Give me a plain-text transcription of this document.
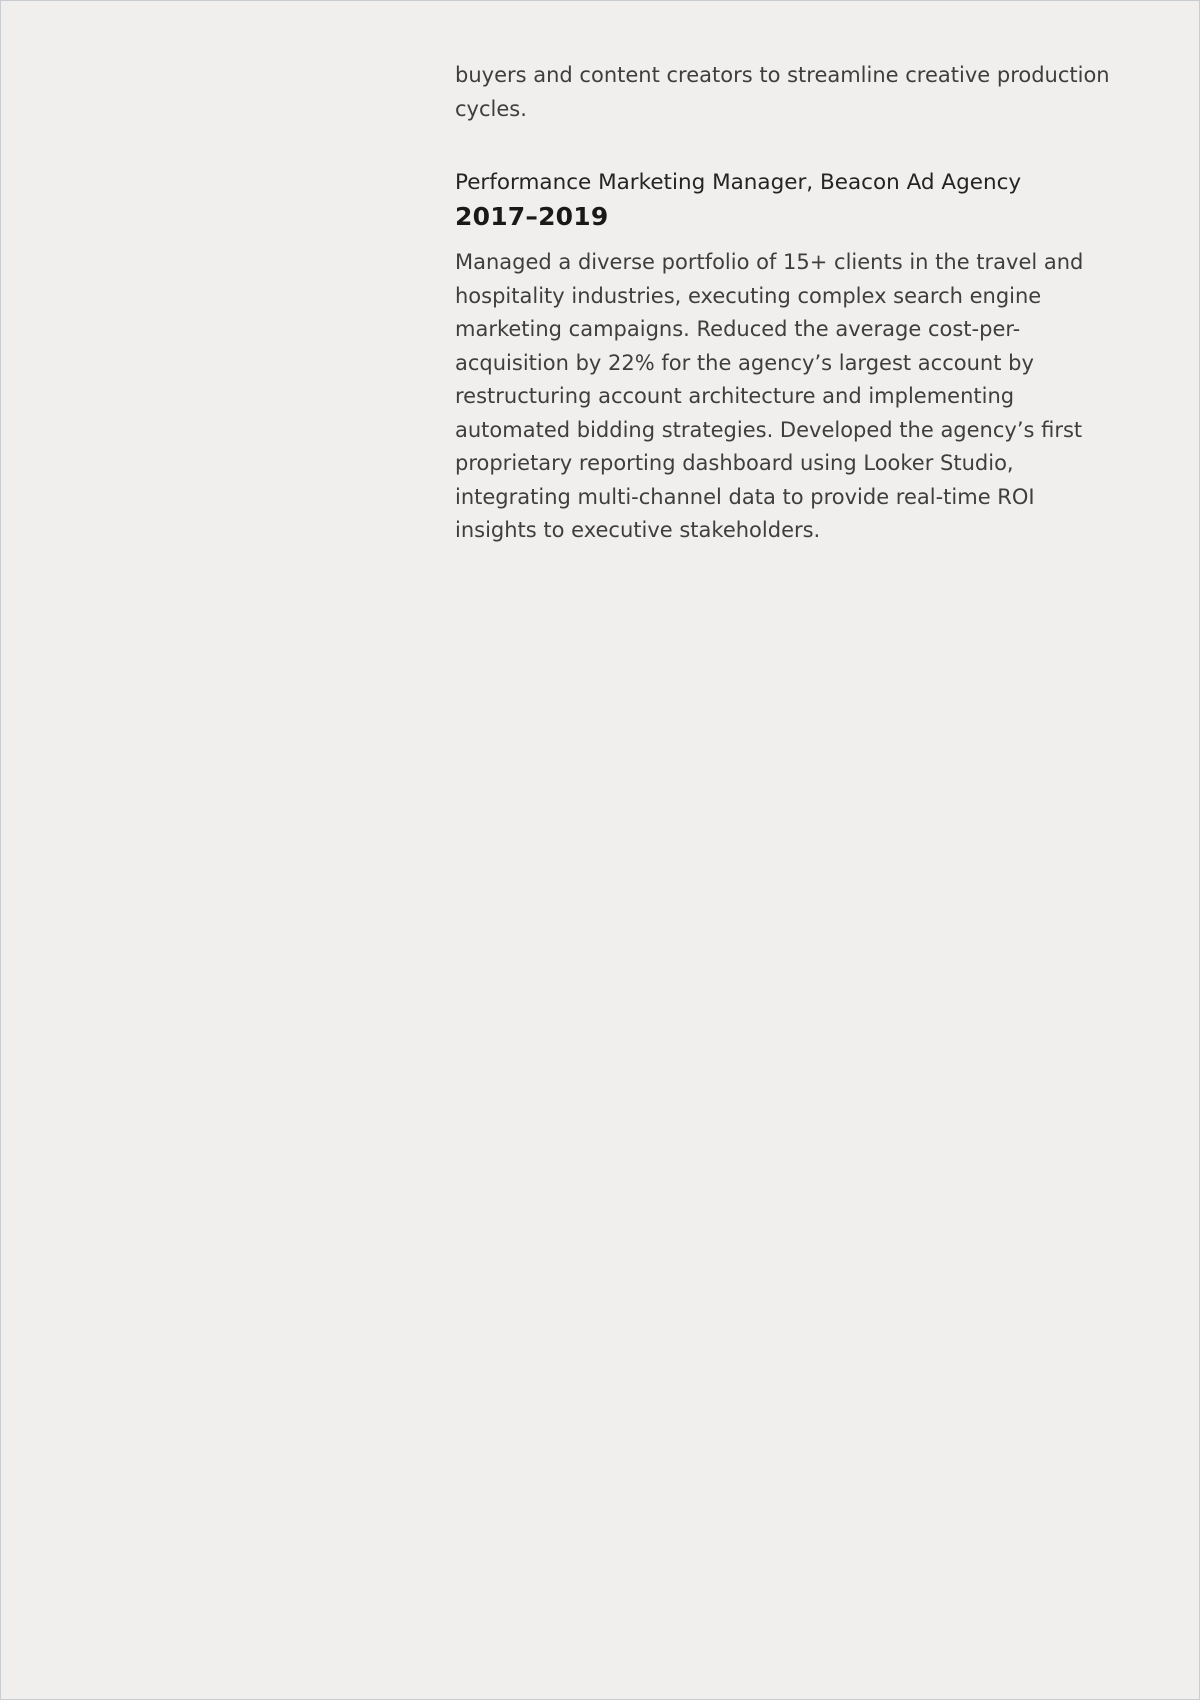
buyers and content creators to streamline creative production cycles.

Performance Marketing Manager, Beacon Ad Agency

2017–2019

Managed a diverse portfolio of 15+ clients in the travel and hospitality industries, executing complex search engine marketing campaigns. Reduced the average cost-per-acquisition by 22% for the agency’s largest account by restructuring account architecture and implementing automated bidding strategies. Developed the agency’s first proprietary reporting dashboard using Looker Studio, integrating multi-channel data to provide real-time ROI insights to executive stakeholders.
